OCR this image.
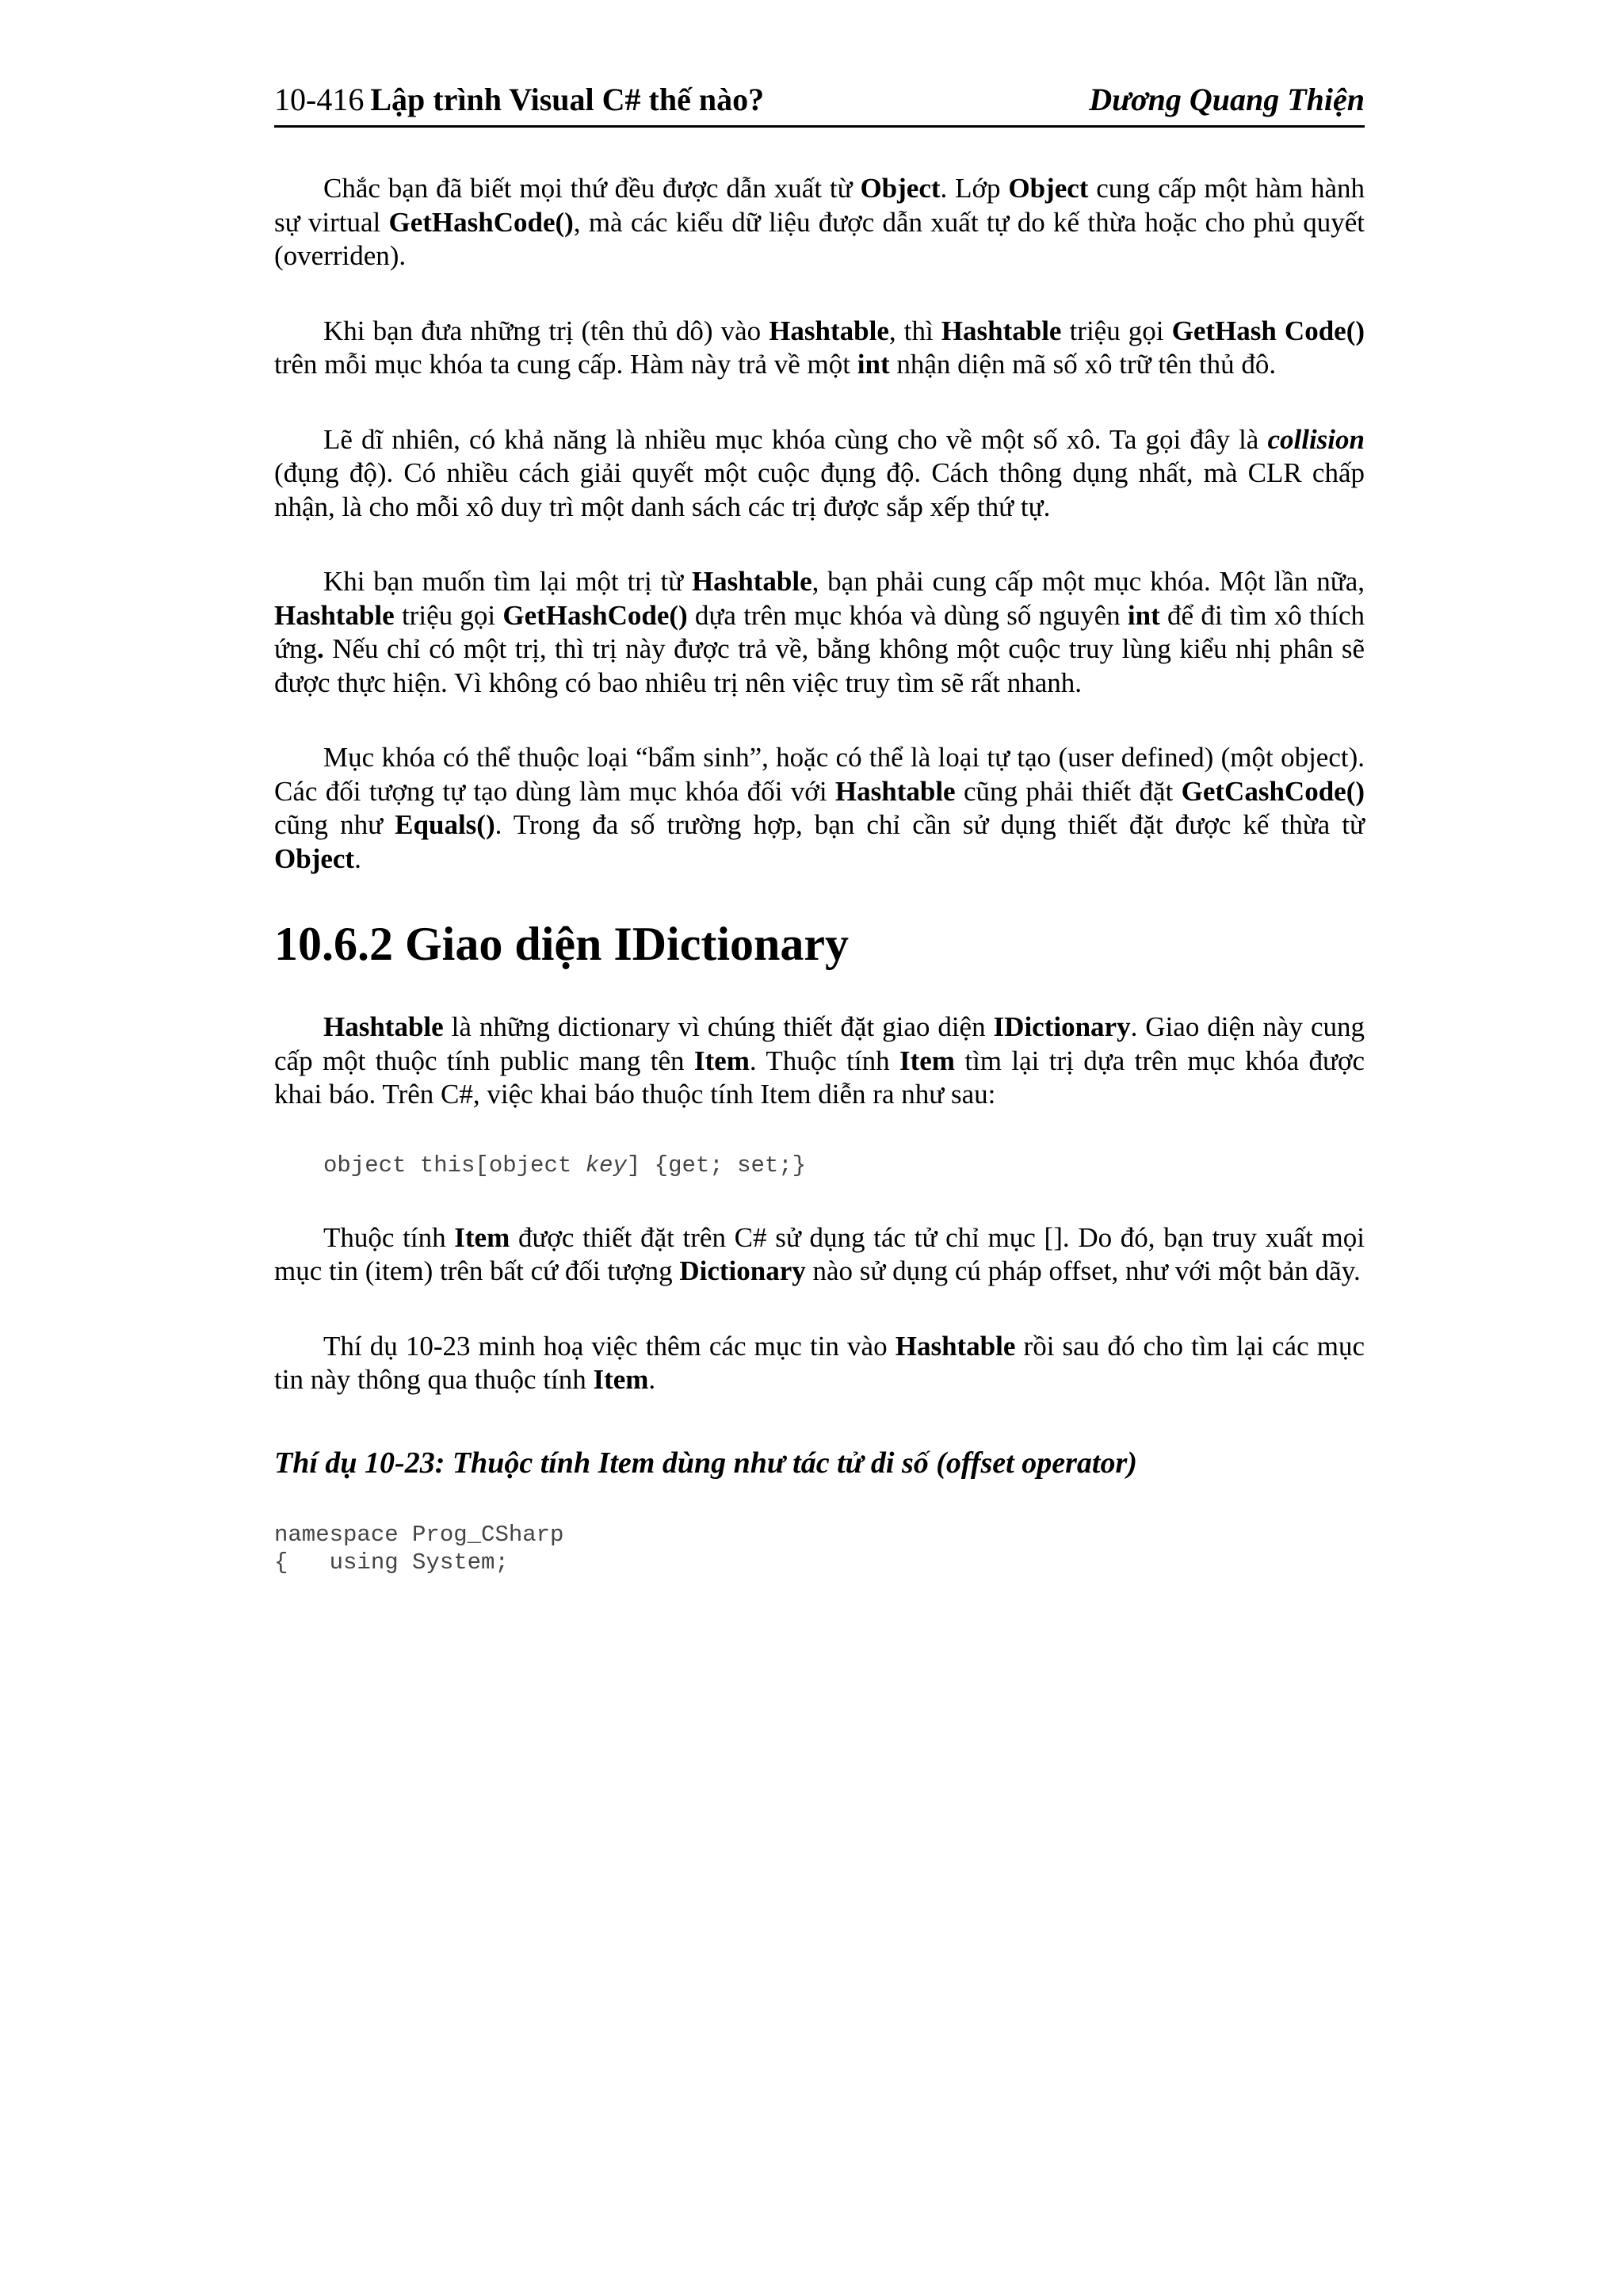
10-416 Lập trình Visual C# thế nào?	Dương Quang Thiện

Chắc bạn đã biết mọi thứ đều được dẫn xuất từ Object. Lớp Object cung cấp một hàm hành sự virtual GetHashCode(), mà các kiểu dữ liệu được dẫn xuất tự do kế thừa hoặc cho phủ quyết (overriden).

Khi bạn đưa những trị (tên thủ dô) vào Hashtable, thì Hashtable triệu gọi GetHash Code() trên mỗi mục khóa ta cung cấp. Hàm này trả về một int nhận diện mã số xô trữ tên thủ đô.

Lẽ dĩ nhiên, có khả năng là nhiều mục khóa cùng cho về một số xô. Ta gọi đây là collision (đụng độ). Có nhiều cách giải quyết một cuộc đụng độ. Cách thông dụng nhất, mà CLR chấp nhận, là cho mỗi xô duy trì một danh sách các trị được sắp xếp thứ tự.

Khi bạn muốn tìm lại một trị từ Hashtable, bạn phải cung cấp một mục khóa. Một lần nữa, Hashtable triệu gọi GetHashCode() dựa trên mục khóa và dùng số nguyên int để đi tìm xô thích ứng. Nếu chỉ có một trị, thì trị này được trả về, bằng không một cuộc truy lùng kiểu nhị phân sẽ được thực hiện. Vì không có bao nhiêu trị nên việc truy tìm sẽ rất nhanh.

Mục khóa có thể thuộc loại “bẩm sinh”, hoặc có thể là loại tự tạo (user defined) (một object). Các đối tượng tự tạo dùng làm mục khóa đối với Hashtable cũng phải thiết đặt GetCashCode() cũng như Equals(). Trong đa số trường hợp, bạn chỉ cần sử dụng thiết đặt được kế thừa từ Object.

10.6.2 Giao diện IDictionary

Hashtable là những dictionary vì chúng thiết đặt giao diện IDictionary. Giao diện này cung cấp một thuộc tính public mang tên Item. Thuộc tính Item tìm lại trị dựa trên mục khóa được khai báo. Trên C#, việc khai báo thuộc tính Item diễn ra như sau:

object this[object key] {get; set;}

Thuộc tính Item được thiết đặt trên C# sử dụng tác tử chỉ mục []. Do đó, bạn truy xuất mọi mục tin (item) trên bất cứ đối tượng Dictionary nào sử dụng cú pháp offset, như với một bản dãy.

Thí dụ 10-23 minh hoạ việc thêm các mục tin vào Hashtable rồi sau đó cho tìm lại các mục tin này thông qua thuộc tính Item.

Thí dụ 10-23: Thuộc tính Item dùng như tác tử di số (offset operator)
namespace Prog_CSharp
{   using System;
